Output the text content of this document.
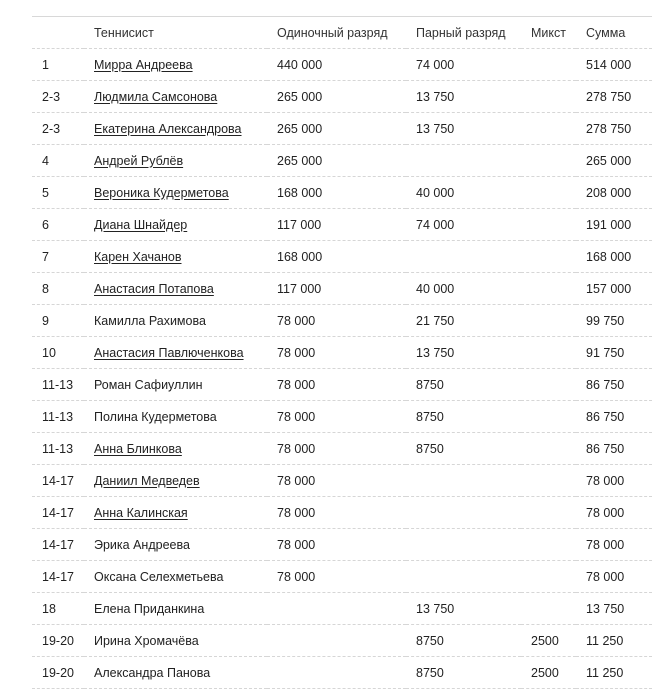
	Теннисист	Одиночный разряд	Парный разряд	Микст	Сумма
1	Мирра Андреева	440 000	74 000		514 000
2-3	Людмила Самсонова	265 000	13 750		278 750
2-3	Екатерина Александрова	265 000	13 750		278 750
4	Андрей Рублёв	265 000			265 000
5	Вероника Кудерметова	168 000	40 000		208 000
6	Диана Шнайдер	117 000	74 000		191 000
7	Карен Хачанов	168 000			168 000
8	Анастасия Потапова	117 000	40 000		157 000
9	Камилла Рахимова	78 000	21 750		99 750
10	Анастасия Павлюченкова	78 000	13 750		91 750
11-13	Роман Сафиуллин	78 000	8750		86 750
11-13	Полина Кудерметова	78 000	8750		86 750
11-13	Анна Блинкова	78 000	8750		86 750
14-17	Даниил Медведев	78 000			78 000
14-17	Анна Калинская	78 000			78 000
14-17	Эрика Андреева	78 000			78 000
14-17	Оксана Селехметьева	78 000			78 000
18	Елена Приданкина		13 750		13 750
19-20	Ирина Хромачёва		8750	2500	11 250
19-20	Александра Панова		8750	2500	11 250
